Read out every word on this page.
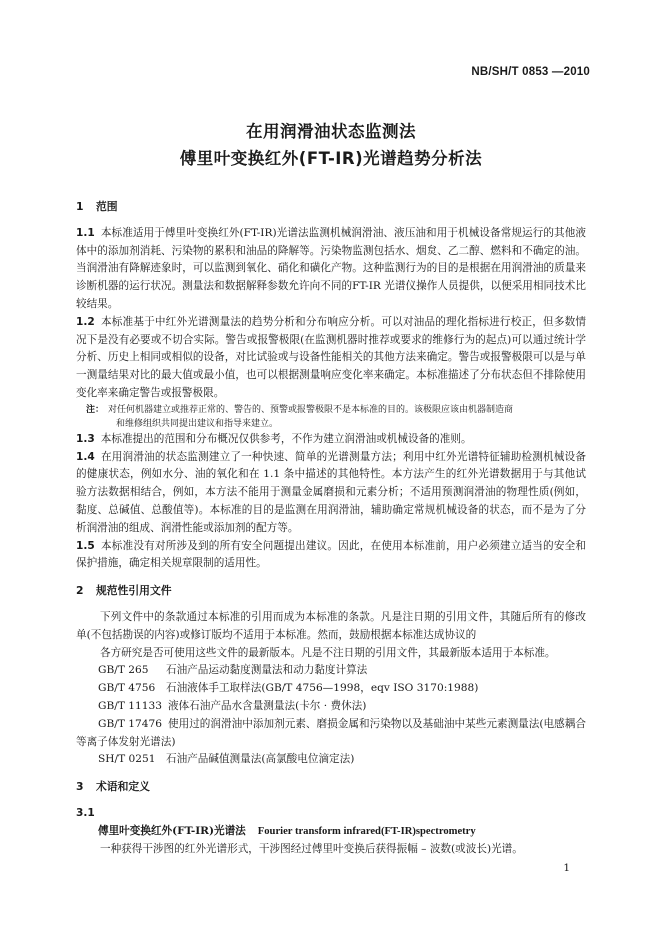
NB/SH/T 0853 —2010
在用润滑油状态监测法
傅里叶变换红外(FT-IR)光谱趋势分析法
1 范围
1.1 本标准适用于傅里叶变换红外(FT-IR)光谱法监测机械润滑油、液压油和用于机械设备常规运行的其他液体中的添加剂消耗、污染物的累积和油品的降解等。污染物监测包括水、烟炱、乙二醇、燃料和不确定的油。当润滑油有降解迹象时，可以监测到氧化、硝化和磺化产物。这种监测行为的目的是根据在用润滑油的质量来诊断机器的运行状况。测量法和数据解释参数允许向不同的FT-IR 光谱仪操作人员提供，以便采用相同技术比较结果。
1.2 本标准基于中红外光谱测量法的趋势分析和分布响应分析。可以对油品的理化指标进行校正，但多数情况下是没有必要或不切合实际。警告或报警极限(在监测机器时推荐或要求的维修行为的起点)可以通过统计学分析、历史上相同或相似的设备，对比试验或与设备性能相关的其他方法来确定。警告或报警极限可以是与单一测量结果对比的最大值或最小值，也可以根据测量响应变化率来确定。本标准描述了分布状态但不排除使用变化率来确定警告或报警极限。
注： 对任何机器建立或推荐正常的、警告的、预警或报警极限不是本标准的目的。该极限应该由机器制造商
和维修组织共同提出建议和指导来建立。
1.3 本标准提出的范围和分布概况仅供参考，不作为建立润滑油或机械设备的准则。
1.4 在用润滑油的状态监测建立了一种快速、简单的光谱测量方法；利用中红外光谱特征辅助检测机械设备的健康状态，例如水分、油的氧化和在 1.1 条中描述的其他特性。本方法产生的红外光谱数据用于与其他试验方法数据相结合，例如，本方法不能用于测量金属磨损和元素分析；不适用预测润滑油的物理性质(例如，黏度、总碱值、总酸值等)。本标准的目的是监测在用润滑油，辅助确定常规机械设备的状态，而不是为了分析润滑油的组成、润滑性能或添加剂的配方等。
1.5 本标准没有对所涉及到的所有安全问题提出建议。因此，在使用本标准前，用户必须建立适当的安全和保护措施，确定相关规章限制的适用性。
2 规范性引用文件
下列文件中的条款通过本标准的引用而成为本标准的条款。凡是注日期的引用文件，其随后所有的修改单(不包括勘误的内容)或修订版均不适用于本标准。然而，鼓励根据本标准达成协议的
各方研究是否可使用这些文件的最新版本。凡是不注日期的引用文件，其最新版本适用于本标准。
GB/T 265 石油产品运动黏度测量法和动力黏度计算法
GB/T 4756 石油液体手工取样法(GB/T 4756—1998，eqv ISO 3170:1988)
GB/T 11133 液体石油产品水含量测量法(卡尔 · 费休法)
GB/T 17476 使用过的润滑油中添加剂元素、磨损金属和污染物以及基础油中某些元素测量法(电感耦合等离子体发射光谱法)
SH/T 0251 石油产品碱值测量法(高氯酸电位滴定法)
3 术语和定义
3.1
傅里叶变换红外(FT-IR)光谱法 Fourier transform infrared(FT-IR)spectrometry
一种获得干涉图的红外光谱形式，干涉图经过傅里叶变换后获得振幅 – 波数(或波长)光谱。
1
